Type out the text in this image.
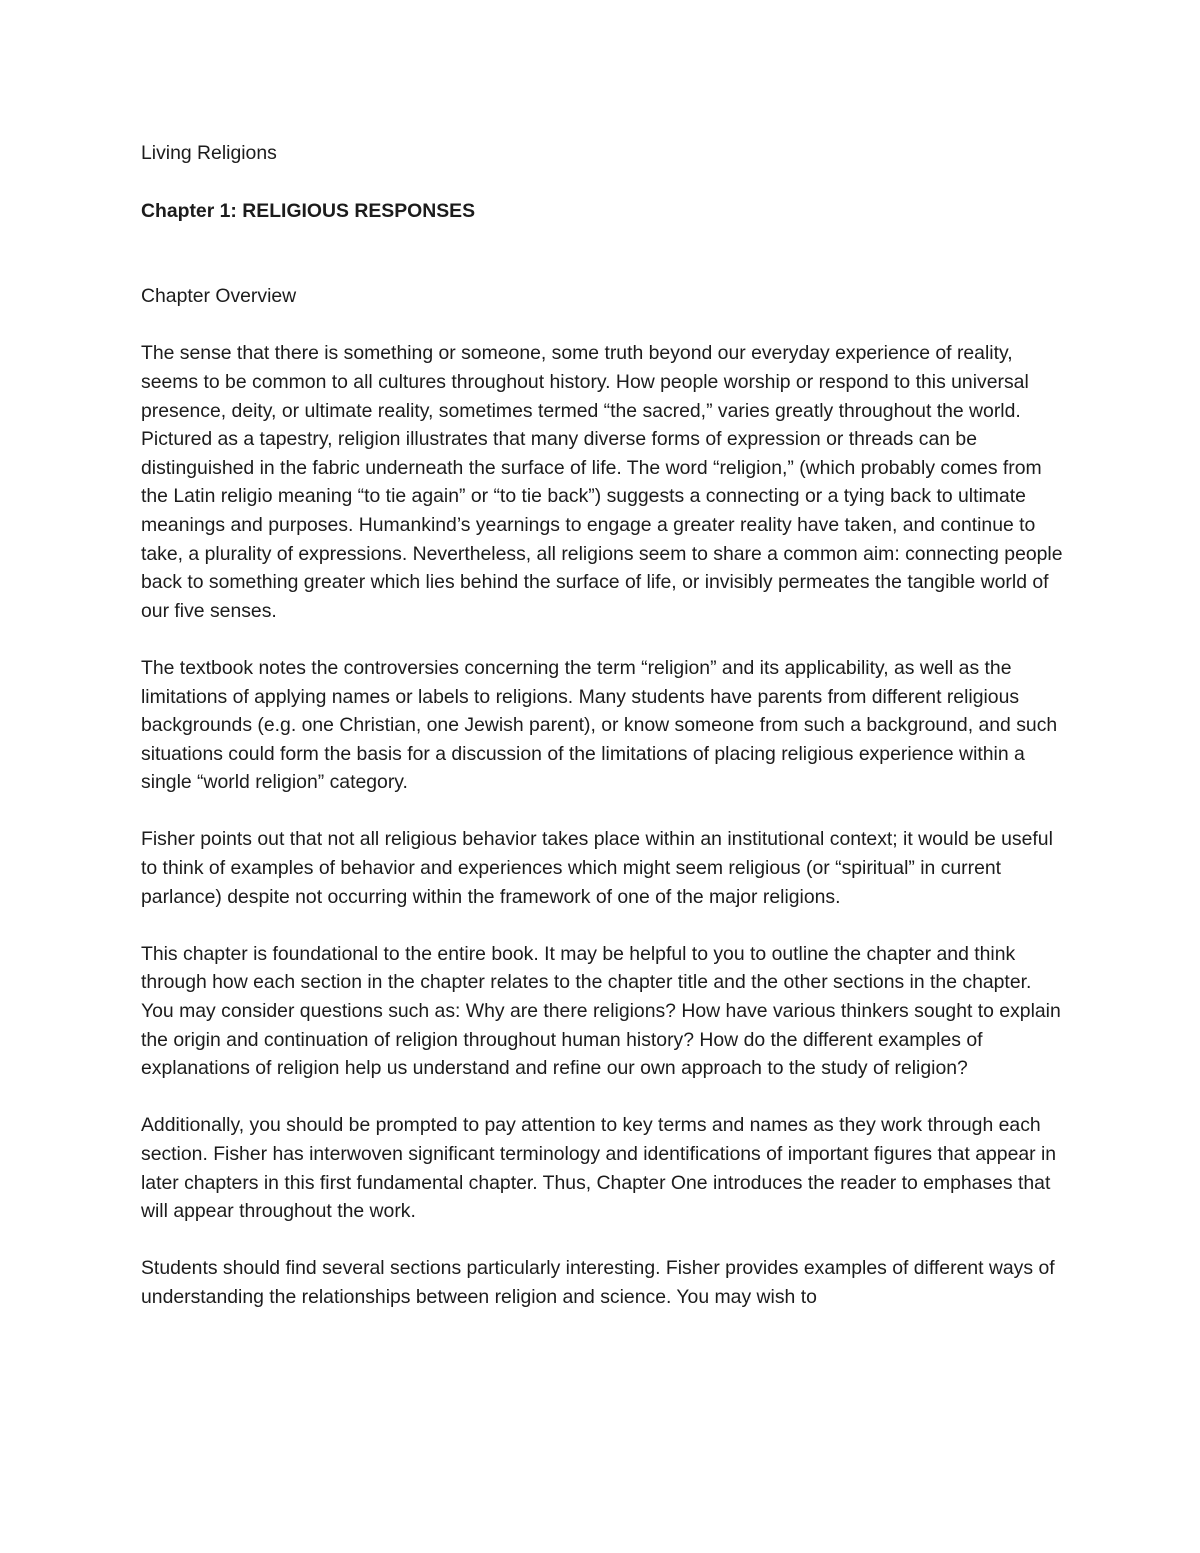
Living Religions

Chapter 1: RELIGIOUS RESPONSES

Chapter Overview

The sense that there is something or someone, some truth beyond our everyday experience of reality, seems to be common to all cultures throughout history. How people worship or respond to this universal presence, deity, or ultimate reality, sometimes termed “the sacred,” varies greatly throughout the world.

Pictured as a tapestry, religion illustrates that many diverse forms of expression or threads can be distinguished in the fabric underneath the surface of life. The word “religion,” (which probably comes from the Latin religio meaning “to tie again” or “to tie back”) suggests a connecting or a tying back to ultimate meanings and purposes. Humankind’s yearnings to engage a greater reality have taken, and continue to take, a plurality of expressions. Nevertheless, all religions seem to share a common aim: connecting people back to something greater which lies behind the surface of life, or invisibly permeates the tangible world of our five senses.

The textbook notes the controversies concerning the term “religion” and its applicability, as well as the limitations of applying names or labels to religions. Many students have parents from different religious backgrounds (e.g. one Christian, one Jewish parent), or know someone from such a background, and such situations could form the basis for a discussion of the limitations of placing religious experience within a single “world religion” category.

Fisher points out that not all religious behavior takes place within an institutional context; it would be useful to think of examples of behavior and experiences which might seem religious (or “spiritual” in current parlance) despite not occurring within the framework of one of the major religions.

This chapter is foundational to the entire book. It may be helpful to you to outline the chapter and think through how each section in the chapter relates to the chapter title and the other sections in the chapter. You may consider questions such as: Why are there religions? How have various thinkers sought to explain the origin and continuation of religion throughout human history? How do the different examples of explanations of religion help us understand and refine our own approach to the study of religion?

Additionally, you should be prompted to pay attention to key terms and names as they work through each section. Fisher has interwoven significant terminology and identifications of important figures that appear in later chapters in this first fundamental chapter. Thus, Chapter One introduces the reader to emphases that will appear throughout the work.

Students should find several sections particularly interesting. Fisher provides examples of different ways of understanding the relationships between religion and science. You may wish to
